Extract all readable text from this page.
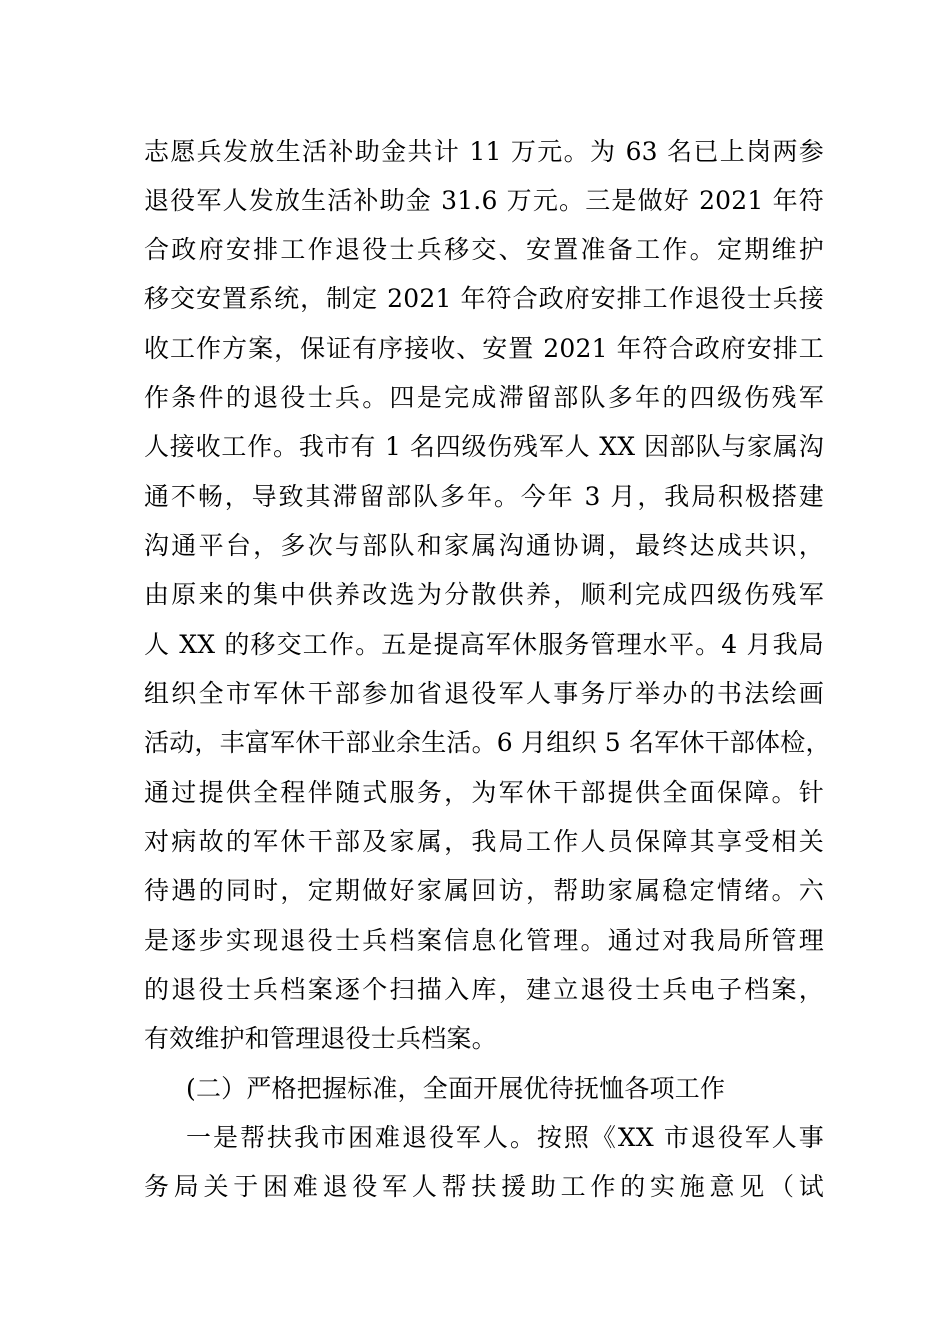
志愿兵发放生活补助金共计 11 万元。为 63 名已上岗两参
退役军人发放生活补助金 31.6 万元。三是做好 2021 年符
合政府安排工作退役士兵移交、安置准备工作。定期维护
移交安置系统，制定 2021 年符合政府安排工作退役士兵接
收工作方案，保证有序接收、安置 2021 年符合政府安排工
作条件的退役士兵。四是完成滞留部队多年的四级伤残军
人接收工作。我市有 1 名四级伤残军人 XX 因部队与家属沟
通不畅，导致其滞留部队多年。今年 3 月，我局积极搭建
沟通平台，多次与部队和家属沟通协调，最终达成共识，
由原来的集中供养改选为分散供养，顺利完成四级伤残军
人 XX 的移交工作。五是提高军休服务管理水平。4 月我局
组织全市军休干部参加省退役军人事务厅举办的书法绘画
活动，丰富军休干部业余生活。6 月组织 5 名军休干部体检，
通过提供全程伴随式服务，为军休干部提供全面保障。针
对病故的军休干部及家属，我局工作人员保障其享受相关
待遇的同时，定期做好家属回访，帮助家属稳定情绪。六
是逐步实现退役士兵档案信息化管理。通过对我局所管理
的退役士兵档案逐个扫描入库，建立退役士兵电子档案，
有效维护和管理退役士兵档案。
(二）严格把握标准，全面开展优待抚恤各项工作
一是帮扶我市困难退役军人。按照《XX 市退役军人事
务局关于困难退役军人帮扶援助工作的实施意见（试
